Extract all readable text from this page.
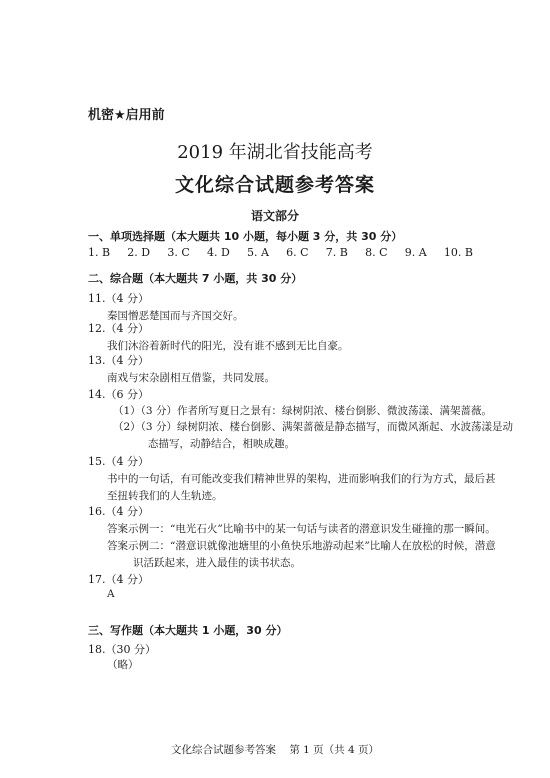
机密★启用前
2019 年湖北省技能高考
文化综合试题参考答案
语文部分
一、单项选择题（本大题共 10 小题，每小题 3 分，共 30 分）
1. B 2. D 3. C 4. D 5. A 6. C 7. B 8. C 9. A 10. B
二、综合题（本大题共 7 小题，共 30 分）
11.（4 分）
秦国憎恶楚国而与齐国交好。
12.（4 分）
我们沐浴着新时代的阳光，没有谁不感到无比自豪。
13.（4 分）
南戏与宋杂剧相互借鉴，共同发展。
14.（6 分）
（1）（3 分）作者所写夏日之景有：绿树阴浓、楼台倒影、微波荡漾、满架蔷薇。
（2）（3 分）绿树阴浓、楼台倒影、满架蔷薇是静态描写，而微风渐起、水波荡漾是动
态描写，动静结合，相映成趣。
15.（4 分）
书中的一句话，有可能改变我们精神世界的架构，进而影响我们的行为方式，最后甚
至扭转我们的人生轨迹。
16.（4 分）
答案示例一：“电光石火”比喻书中的某一句话与读者的潜意识发生碰撞的那一瞬间。
答案示例二：“潜意识就像池塘里的小鱼快乐地游动起来”比喻人在放松的时候，潜意
识活跃起来，进入最佳的读书状态。
17.（4 分）
A
三、写作题（本大题共 1 小题，30 分）
18.（30 分）
（略）
文化综合试题参考答案    第 1 页（共 4 页）
